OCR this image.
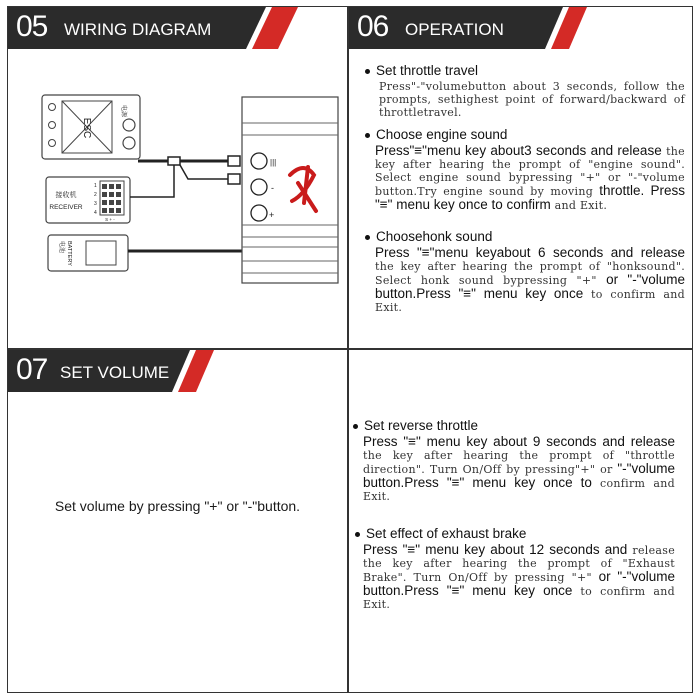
05 WIRING DIAGRAM
ESC
电源
接收机
RECEIVER
1
2
3
4
S + -
电池 BATTERY
|||
-
+
06 OPERATION
Set throttle travel
Press"-"volumebutton about 3 seconds, follow the prompts, sethighest point of forward/backward of throttletravel.
Choose engine sound
Press"≡"menu key about3 seconds and release the key after hearing the prompt of "engine sound". Select engine sound bypressing "+" or "-"volume button.Try engine sound by moving throttle. Press "≡" menu key once to confirm and Exit.
Choosehonk sound
Press "≡"menu keyabout 6 seconds and release the key after hearing the prompt of "honksound". Select honk sound bypressing "+" or "-"volume button.Press "≡" menu key once to confirm and Exit.
07 SET VOLUME
Set volume by pressing "+" or "-"button.
Set reverse throttle
Press "≡" menu key about 9 seconds and release the key after hearing the prompt of "throttle direction". Turn On/Off by pressing"+" or "-"volume button.Press "≡" menu key once to confirm and Exit.
Set effect of exhaust brake
Press "≡" menu key about 12 seconds and release the key after hearing the prompt of "Exhaust Brake". Turn On/Off by pressing "+" or "-"volume button.Press "≡" menu key once to confirm and Exit.
